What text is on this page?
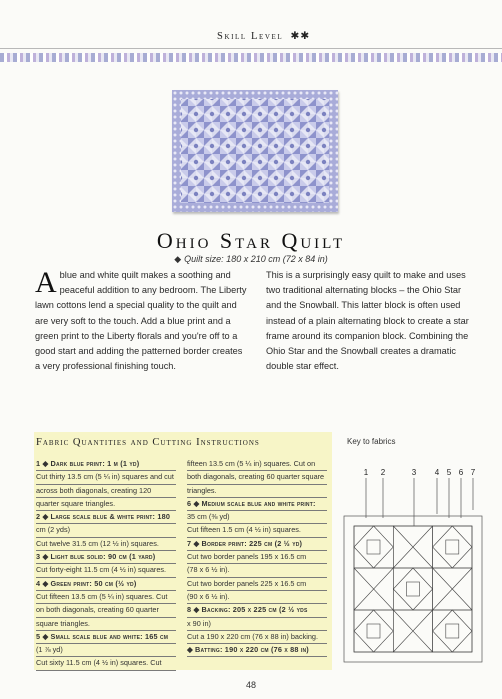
Skill Level ✱✱
Ohio Star Quilt
◆ Quilt size: 180 x 210 cm (72 x 84 in)
Ablue and white quilt makes a soothing and peaceful addition to any bedroom. The Liberty lawn cottons lend a special quality to the quilt and are very soft to the touch. Add a blue print and a green print to the Liberty florals and you're off to a good start and adding the patterned border creates a very professional finishing touch.
This is a surprisingly easy quilt to make and uses two traditional alternating blocks – the Ohio Star and the Snowball. This latter block is often used instead of a plain alternating block to create a star frame around its companion block. Combining the Ohio Star and the Snowball creates a dramatic double star effect.
Fabric Quantities and Cutting Instructions
1 ◆ Dark blue print: 1 m (1 yd)
Cut thirty 13.5 cm (5 ¼ in) squares and cut
across both diagonals, creating 120
quarter square triangles.
2 ◆ Large scale blue & white print: 180
cm (2 yds)
Cut twelve 31.5 cm (12 ½ in) squares.
3 ◆ Light blue solid: 90 cm (1 yard)
Cut forty-eight 11.5 cm (4 ½ in) squares.
4 ◆ Green print: 50 cm (½ yd)
Cut fifteen 13.5 cm (5 ¼ in) squares. Cut
on both diagonals, creating 60 quarter
square triangles.
5 ◆ Small scale blue and white: 165 cm
(1 ⅞ yd)
Cut sixty 11.5 cm (4 ½ in) squares. Cut
fifteen 13.5 cm (5 ¼ in) squares. Cut on
both diagonals, creating 60 quarter square
triangles.
6 ◆ Medium scale blue and white print:
35 cm (⅜ yd)
Cut fifteen 1.5 cm (4 ½ in) squares.
7 ◆ Border print: 225 cm (2 ½ yd)
Cut two border panels 195 x 16.5 cm
(78 x 6 ½ in).
Cut two border panels 225 x 16.5 cm
(90 x 6 ½ in).
8 ◆ Backing: 205 x 225 cm (2 ½ yds
x 90 in)
Cut a 190 x 220 cm (76 x 88 in) backing.
◆ Batting: 190 x 220 cm (76 x 88 in)
Key to fabrics
1 2	3 4 5 6 7
48
